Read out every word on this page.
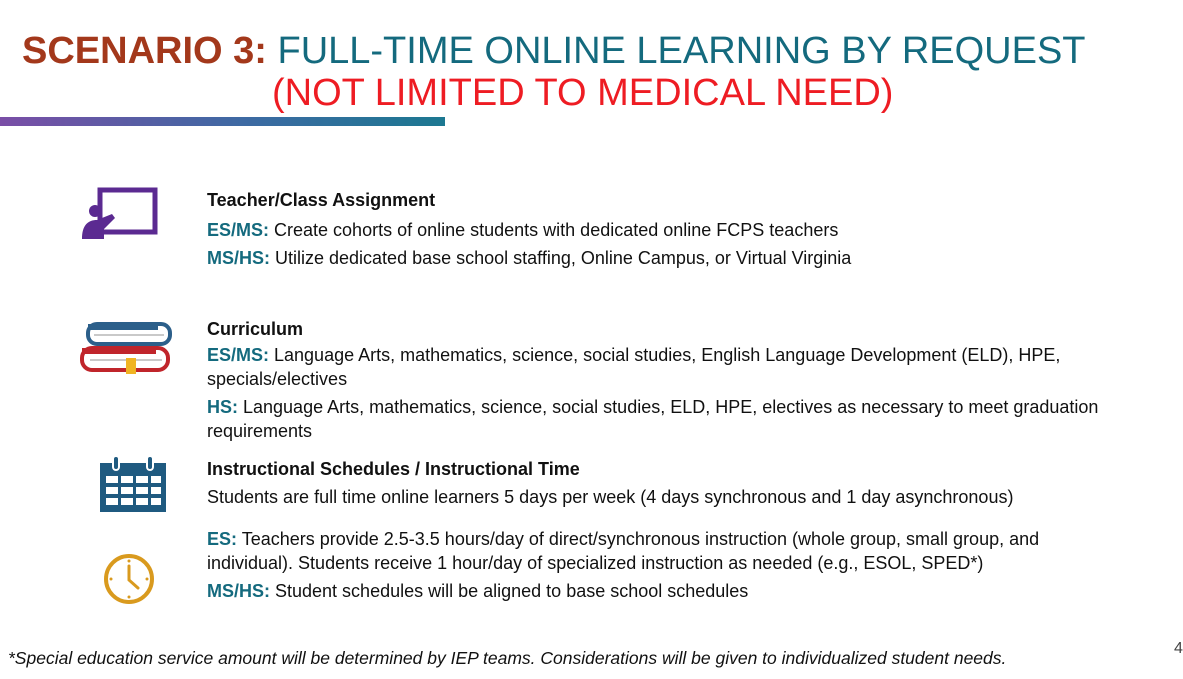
SCENARIO 3: FULL-TIME ONLINE LEARNING BY REQUEST
(NOT LIMITED TO MEDICAL NEED)
Teacher/Class Assignment
ES/MS: Create cohorts of online students with dedicated online FCPS teachers
MS/HS: Utilize dedicated base school staffing, Online Campus, or Virtual Virginia
Curriculum
ES/MS: Language Arts, mathematics, science, social studies, English Language Development (ELD), HPE, specials/electives
HS: Language Arts, mathematics, science, social studies, ELD, HPE, electives as necessary to meet graduation requirements
Instructional Schedules / Instructional Time
Students are full time online learners 5 days per week (4 days synchronous and 1 day asynchronous)
ES: Teachers provide 2.5-3.5 hours/day of direct/synchronous instruction (whole group, small group, and individual). Students receive 1 hour/day of specialized instruction as needed (e.g., ESOL, SPED*)
MS/HS: Student schedules will be aligned to base school schedules
*Special education service amount will be determined by IEP teams. Considerations will be given to individualized student needs.	4
